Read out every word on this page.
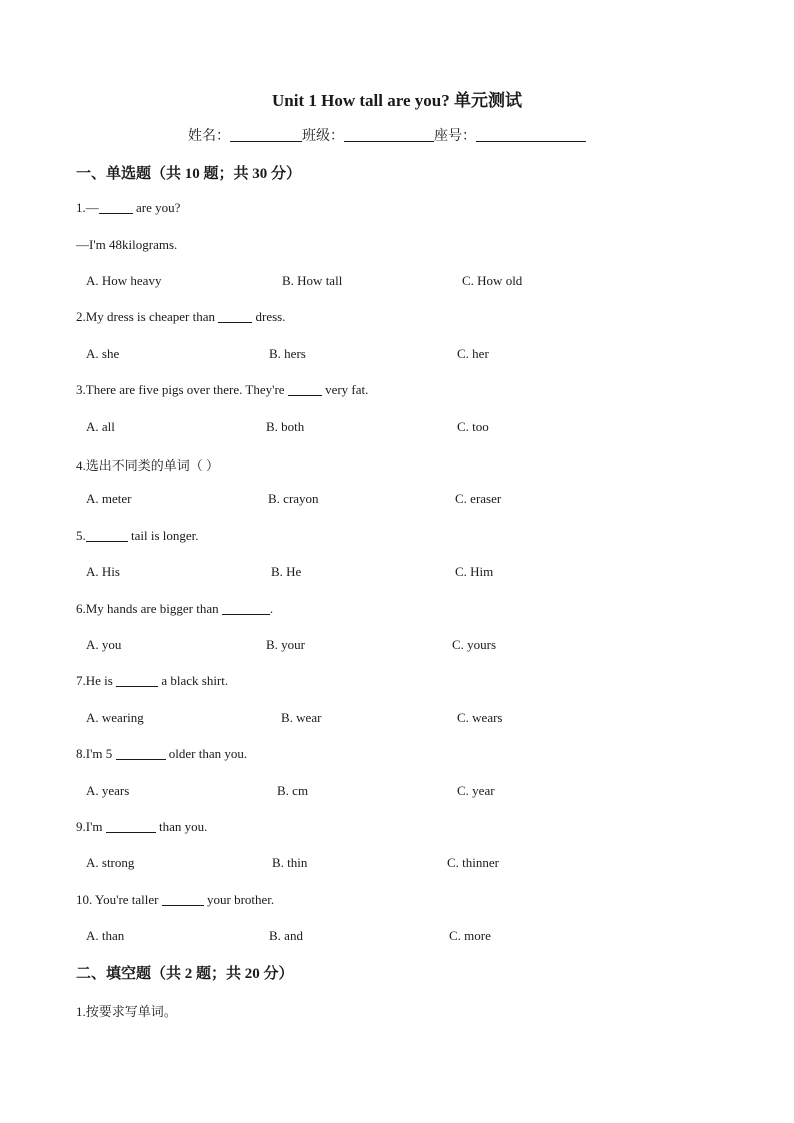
Unit 1 How tall are you? 单元测试
姓名：	班级：	座号：
一、单选题（共 10 题；共 30 分）
1.—	are you?
—I'm 48kilograms.
A. How heavy	B. How tall	C. How old
2.My dress is cheaper than	dress.
A. she	B. hers	C. her
3.There are five pigs over there. They're	very fat.
A. all	B. both	C. too
4.选出不同类的单词（ ）
A. meter	B. crayon	C. eraser
5.	tail is longer.
A. His	B. He	C. Him
6.My hands are bigger than	.
A. you	B. your	C. yours
7.He is	a black shirt.
A. wearing	B. wear	C. wears
8.I'm 5	older than you.
A. years	B. cm	C. year
9.I'm	than you.
A. strong	B. thin	C. thinner
10. You're taller	your brother.
A. than	B. and	C. more
二、填空题（共 2 题；共 20 分）
1.按要求写单词。
